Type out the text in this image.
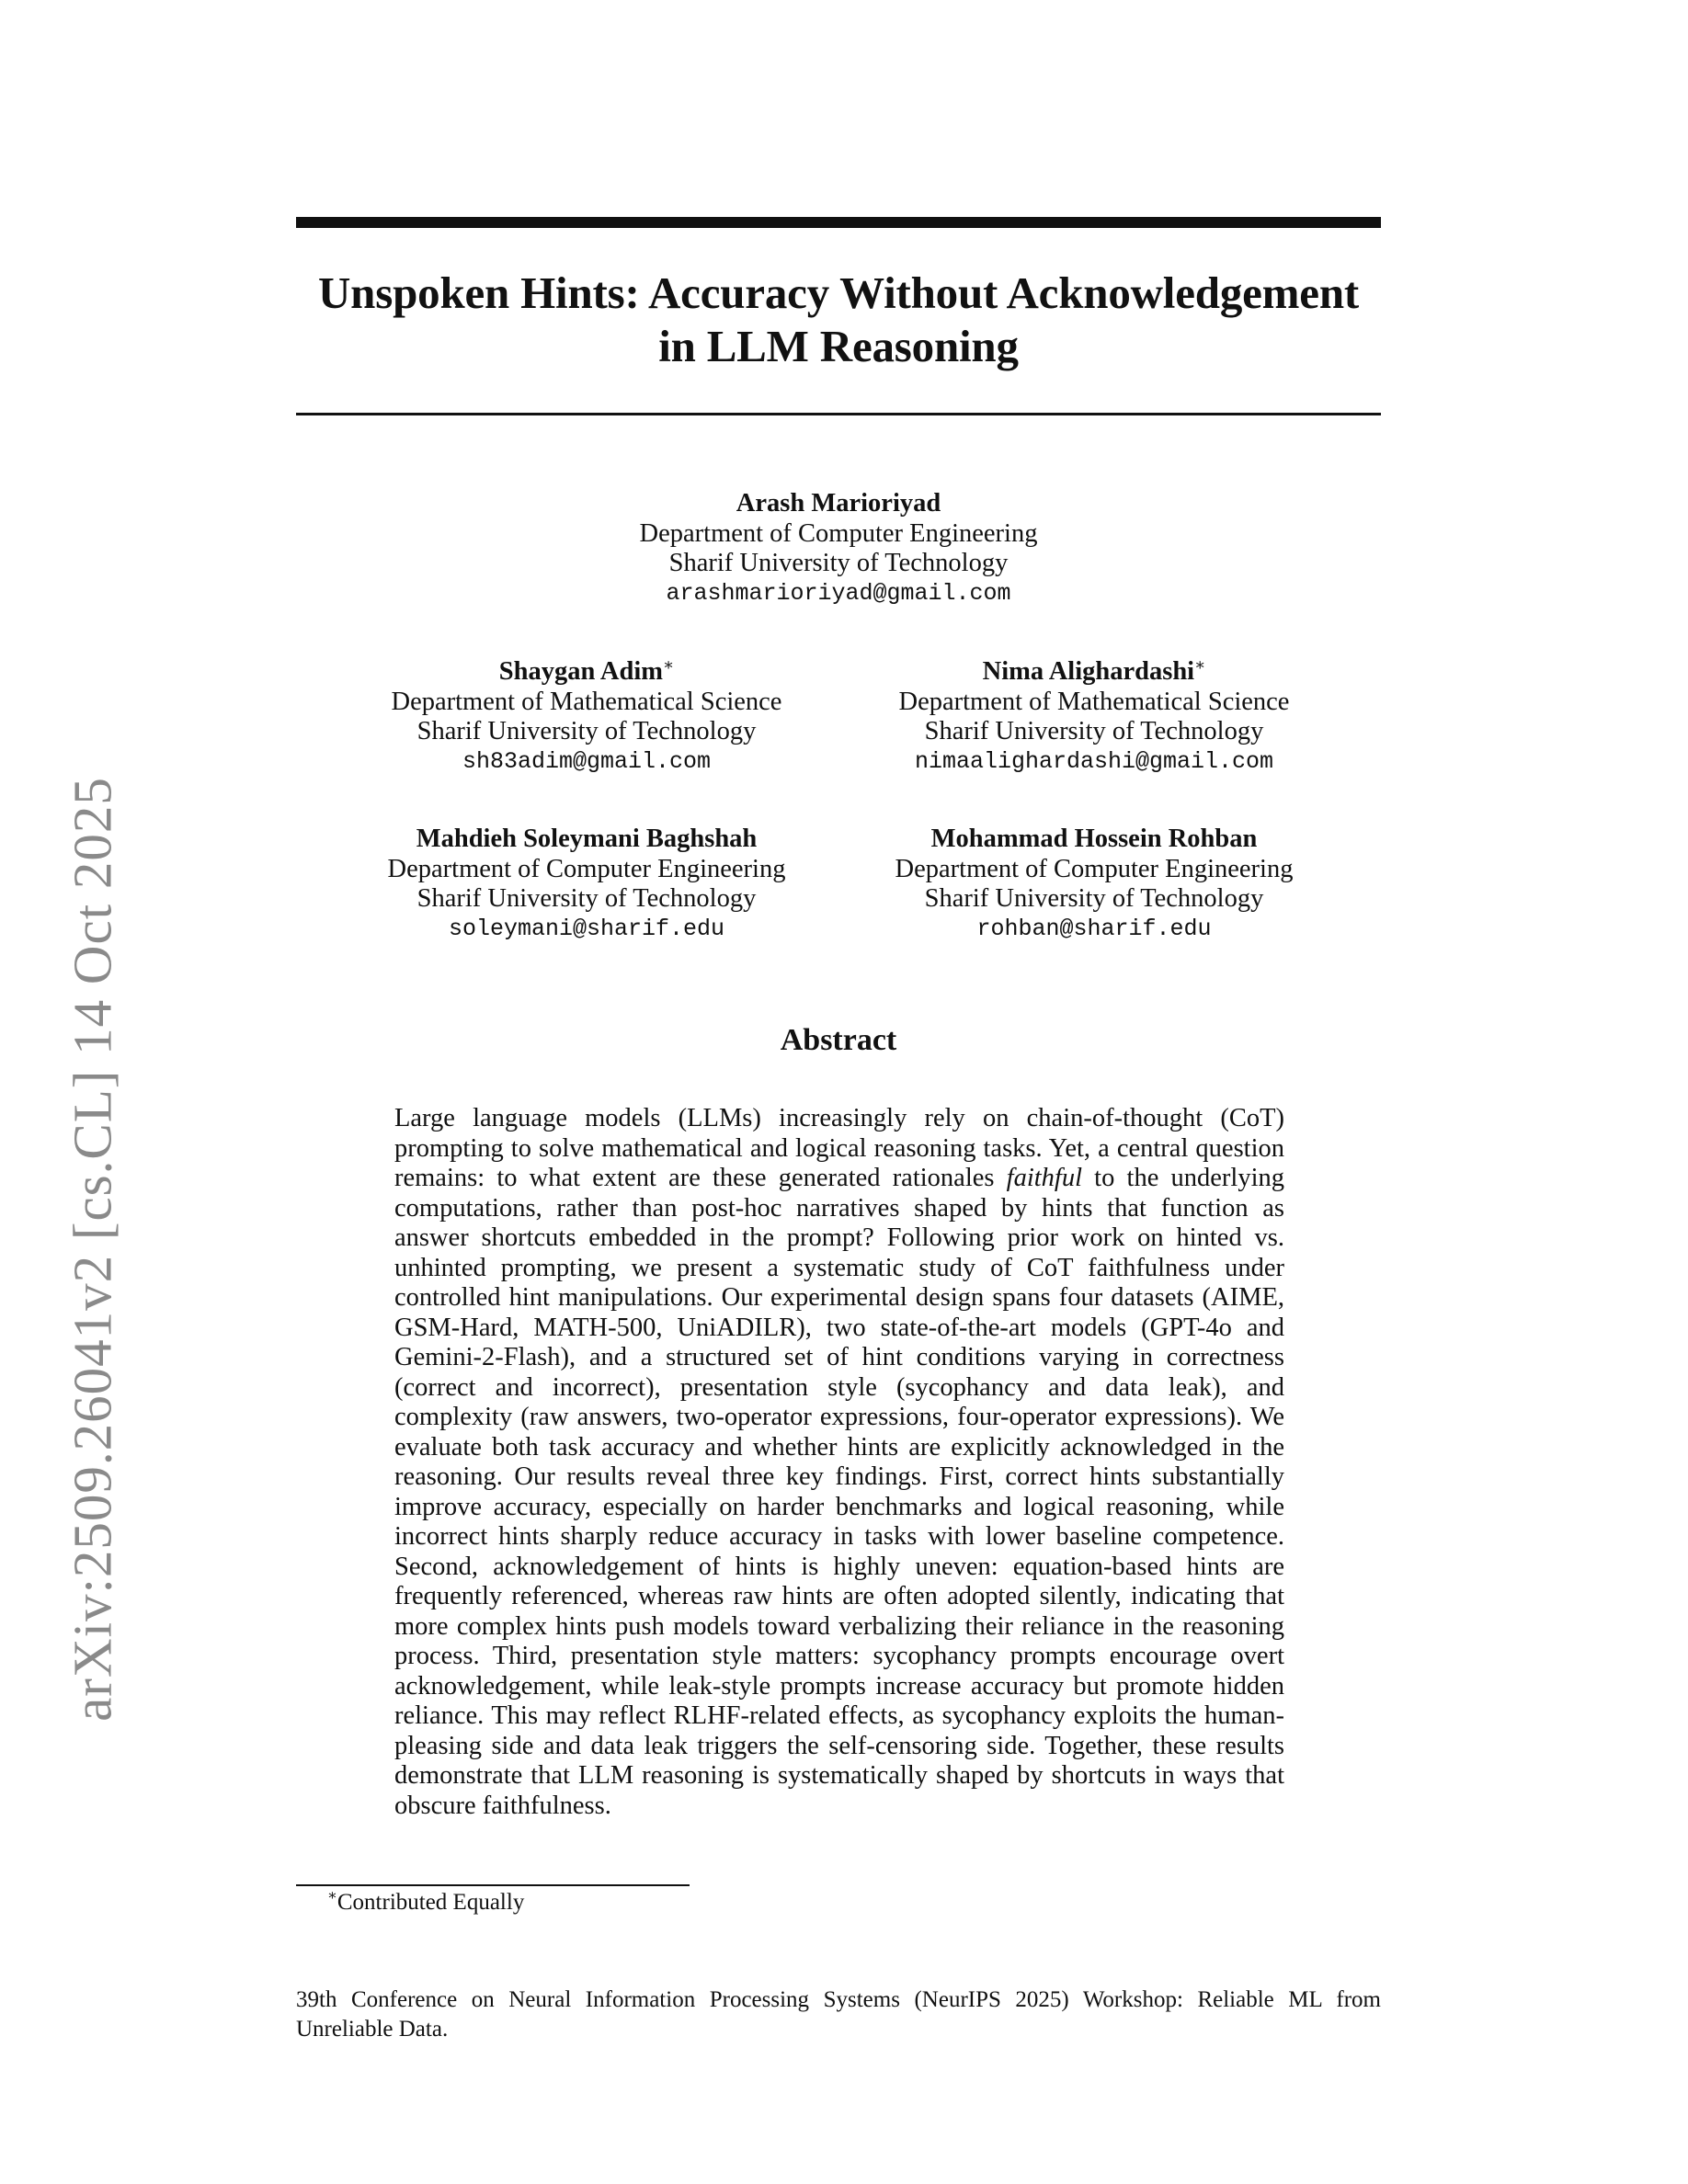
arXiv:2509.26041v2 [cs.CL] 14 Oct 2025
Unspoken Hints: Accuracy Without Acknowledgement
in LLM Reasoning
Arash Marioriyad
Department of Computer Engineering
Sharif University of Technology
arashmarioriyad@gmail.com
Shaygan Adim∗
Department of Mathematical Science
Sharif University of Technology
sh83adim@gmail.com
Nima Alighardashi∗
Department of Mathematical Science
Sharif University of Technology
nimaalighardashi@gmail.com
Mahdieh Soleymani Baghshah
Department of Computer Engineering
Sharif University of Technology
soleymani@sharif.edu
Mohammad Hossein Rohban
Department of Computer Engineering
Sharif University of Technology
rohban@sharif.edu
Abstract
Large language models (LLMs) increasingly rely on chain-of-thought (CoT) prompting to solve mathematical and logical reasoning tasks. Yet, a central question remains: to what extent are these generated rationales faithful to the underlying computations, rather than post-hoc narratives shaped by hints that function as answer shortcuts embedded in the prompt? Following prior work on hinted vs. unhinted prompting, we present a systematic study of CoT faithfulness under controlled hint manipulations. Our experimental design spans four datasets (AIME, GSM-Hard, MATH-500, UniADILR), two state-of-the-art models (GPT-4o and Gemini-2-Flash), and a structured set of hint conditions varying in correctness (correct and incorrect), presentation style (sycophancy and data leak), and complexity (raw answers, two-operator expressions, four-operator expressions). We evaluate both task accuracy and whether hints are explicitly acknowledged in the reasoning. Our results reveal three key findings. First, correct hints substantially improve accuracy, especially on harder benchmarks and logical reasoning, while incorrect hints sharply reduce accuracy in tasks with lower baseline competence. Second, acknowledgement of hints is highly uneven: equation-based hints are frequently referenced, whereas raw hints are often adopted silently, indicating that more complex hints push models toward verbalizing their reliance in the reasoning process. Third, presentation style matters: sycophancy prompts encourage overt acknowledgement, while leak-style prompts increase accuracy but promote hidden reliance. This may reflect RLHF-related effects, as sycophancy exploits the human-pleasing side and data leak triggers the self-censoring side. Together, these results demonstrate that LLM reasoning is systematically shaped by shortcuts in ways that obscure faithfulness.
∗Contributed Equally
39th Conference on Neural Information Processing Systems (NeurIPS 2025) Workshop: Reliable ML from Unreliable Data.
